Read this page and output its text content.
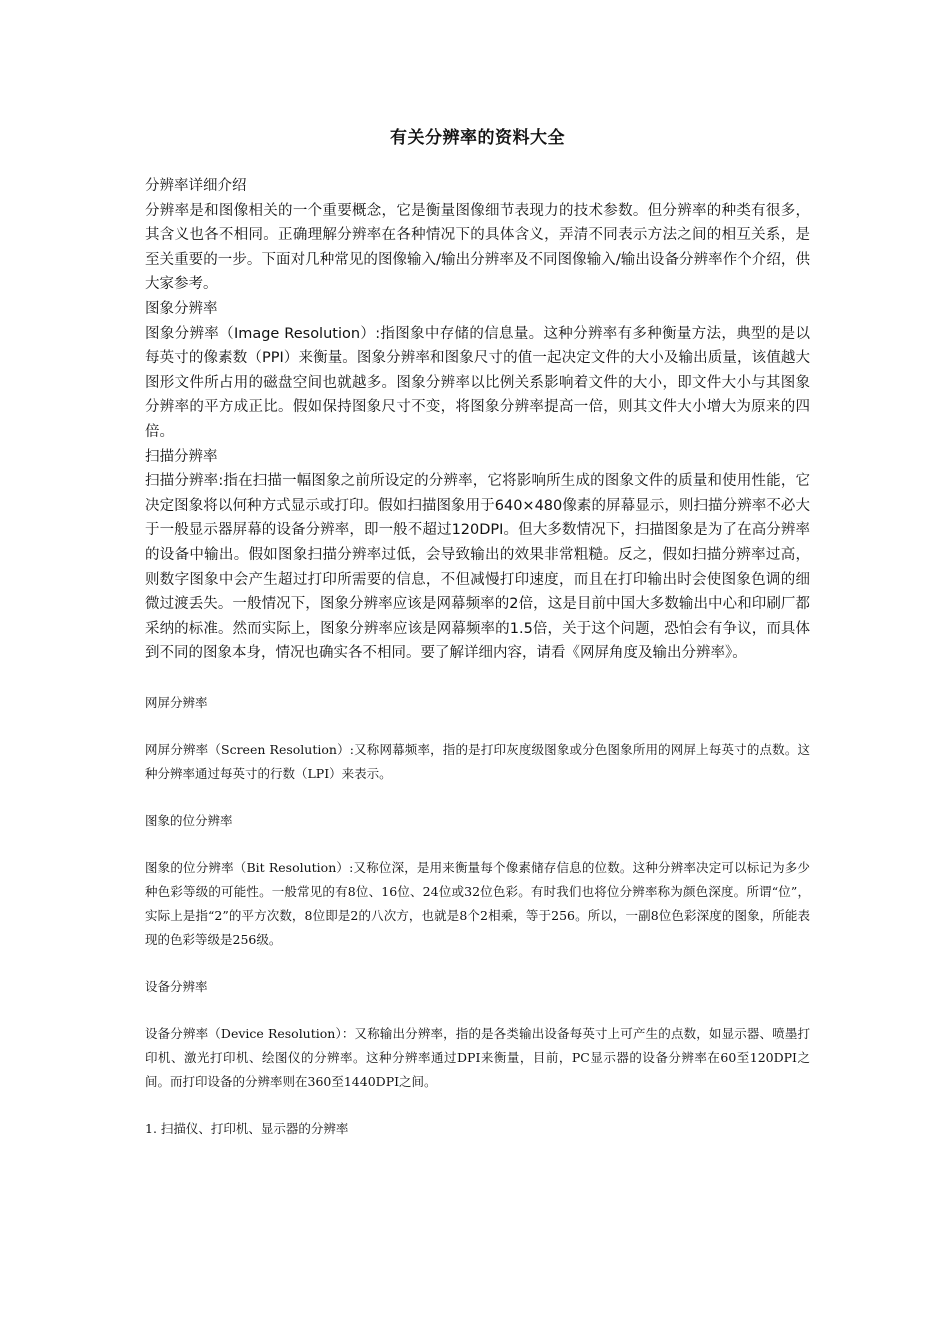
有关分辨率的资料大全

分辨率详细介绍

分辨率是和图像相关的一个重要概念，它是衡量图像细节表现力的技术参数。但分辨率的种类有很多，其含义也各不相同。正确理解分辨率在各种情况下的具体含义，弄清不同表示方法之间的相互关系，是至关重要的一步。下面对几种常见的图像输入/输出分辨率及不同图像输入/输出设备分辨率作个介绍，供大家参考。

图象分辨率

图象分辨率（Image Resolution）:指图象中存储的信息量。这种分辨率有多种衡量方法，典型的是以每英寸的像素数（PPI）来衡量。图象分辨率和图象尺寸的值一起决定文件的大小及输出质量，该值越大图形文件所占用的磁盘空间也就越多。图象分辨率以比例关系影响着文件的大小，即文件大小与其图象分辨率的平方成正比。假如保持图象尺寸不变，将图象分辨率提高一倍，则其文件大小增大为原来的四倍。

扫描分辨率

扫描分辨率:指在扫描一幅图象之前所设定的分辨率，它将影响所生成的图象文件的质量和使用性能，它决定图象将以何种方式显示或打印。假如扫描图象用于640×480像素的屏幕显示，则扫描分辨率不必大于一般显示器屏幕的设备分辨率，即一般不超过120DPI。但大多数情况下，扫描图象是为了在高分辨率的设备中输出。假如图象扫描分辨率过低，会导致输出的效果非常粗糙。反之，假如扫描分辨率过高，则数字图象中会产生超过打印所需要的信息，不但减慢打印速度，而且在打印输出时会使图象色调的细微过渡丢失。一般情况下，图象分辨率应该是网幕频率的2倍，这是目前中国大多数输出中心和印刷厂都采纳的标准。然而实际上，图象分辨率应该是网幕频率的1.5倍，关于这个问题，恐怕会有争议，而具体到不同的图象本身，情况也确实各不相同。要了解详细内容，请看《网屏角度及输出分辨率》。

网屏分辨率

网屏分辨率（Screen Resolution）:又称网幕频率，指的是打印灰度级图象或分色图象所用的网屏上每英寸的点数。这种分辨率通过每英寸的行数（LPI）来表示。

图象的位分辨率

图象的位分辨率（Bit Resolution）:又称位深，是用来衡量每个像素储存信息的位数。这种分辨率决定可以标记为多少种色彩等级的可能性。一般常见的有8位、16位、24位或32位色彩。有时我们也将位分辨率称为颜色深度。所谓“位”，实际上是指“2”的平方次数，8位即是2的八次方，也就是8个2相乘，等于256。所以，一副8位色彩深度的图象，所能表现的色彩等级是256级。

设备分辨率

设备分辨率（Device Resolution）：又称输出分辨率，指的是各类输出设备每英寸上可产生的点数，如显示器、喷墨打印机、激光打印机、绘图仪的分辨率。这种分辨率通过DPI来衡量，目前，PC显示器的设备分辨率在60至120DPI之间。而打印设备的分辨率则在360至1440DPI之间。

1. 扫描仪、打印机、显示器的分辨率
